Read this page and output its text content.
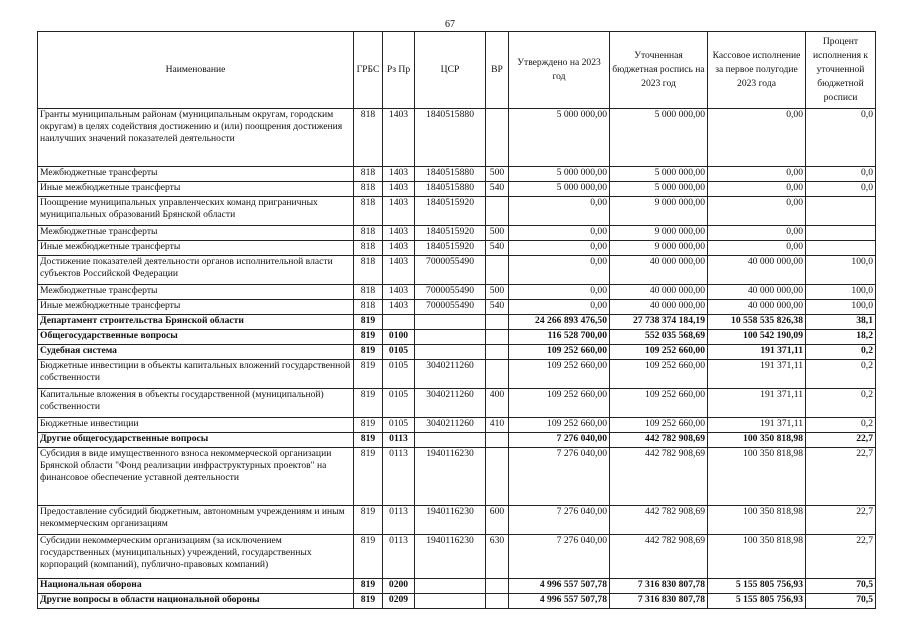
67
Наименование	ГРБС	Рз Пр	ЦСР	ВР	Утверждено на 2023 год	Уточненная бюджетная роспись на 2023 год	Кассовое исполнение за первое полугодие 2023 года	Процент исполнения к уточненной бюджетной росписи
Гранты муниципальным районам (муниципальным округам, городским округам) в целях содействия достижению и (или) поощрения достижения наилучших значений показателей деятельности	818	1403	1840515880		5 000 000,00	5 000 000,00	0,00	0,0
Межбюджетные трансферты	818	1403	1840515880	500	5 000 000,00	5 000 000,00	0,00	0,0
Иные межбюджетные трансферты	818	1403	1840515880	540	5 000 000,00	5 000 000,00	0,00	0,0
Поощрение муниципальных управленческих команд приграничных муниципальных образований Брянской области	818	1403	1840515920		0,00	9 000 000,00	0,00	
Межбюджетные трансферты	818	1403	1840515920	500	0,00	9 000 000,00	0,00	
Иные межбюджетные трансферты	818	1403	1840515920	540	0,00	9 000 000,00	0,00	
Достижение показателей деятельности органов исполнительной власти субъектов Российской Федерации	818	1403	7000055490		0,00	40 000 000,00	40 000 000,00	100,0
Межбюджетные трансферты	818	1403	7000055490	500	0,00	40 000 000,00	40 000 000,00	100,0
Иные межбюджетные трансферты	818	1403	7000055490	540	0,00	40 000 000,00	40 000 000,00	100,0
Департамент строительства Брянской области	819				24 266 893 476,50	27 738 374 184,19	10 558 535 826,38	38,1
Общегосударственные вопросы	819	0100			116 528 700,00	552 035 568,69	100 542 190,09	18,2
Судебная система	819	0105			109 252 660,00	109 252 660,00	191 371,11	0,2
Бюджетные инвестиции в объекты капитальных вложений государственной собственности	819	0105	3040211260		109 252 660,00	109 252 660,00	191 371,11	0,2
Капитальные вложения в объекты государственной (муниципальной) собственности	819	0105	3040211260	400	109 252 660,00	109 252 660,00	191 371,11	0,2
Бюджетные инвестиции	819	0105	3040211260	410	109 252 660,00	109 252 660,00	191 371,11	0,2
Другие общегосударственные вопросы	819	0113			7 276 040,00	442 782 908,69	100 350 818,98	22,7
Субсидия в виде имущественного взноса некоммерческой организации Брянской области "Фонд реализации инфраструктурных проектов" на финансовое обеспечение уставной деятельности	819	0113	1940116230		7 276 040,00	442 782 908,69	100 350 818,98	22,7
Предоставление субсидий бюджетным, автономным учреждениям и иным некоммерческим организациям	819	0113	1940116230	600	7 276 040,00	442 782 908,69	100 350 818,98	22,7
Субсидии некоммерческим организациям (за исключением государственных (муниципальных) учреждений, государственных корпораций (компаний), публично-правовых компаний)	819	0113	1940116230	630	7 276 040,00	442 782 908,69	100 350 818,98	22,7
Национальная оборона	819	0200			4 996 557 507,78	7 316 830 807,78	5 155 805 756,93	70,5
Другие вопросы в области национальной обороны	819	0209			4 996 557 507,78	7 316 830 807,78	5 155 805 756,93	70,5
